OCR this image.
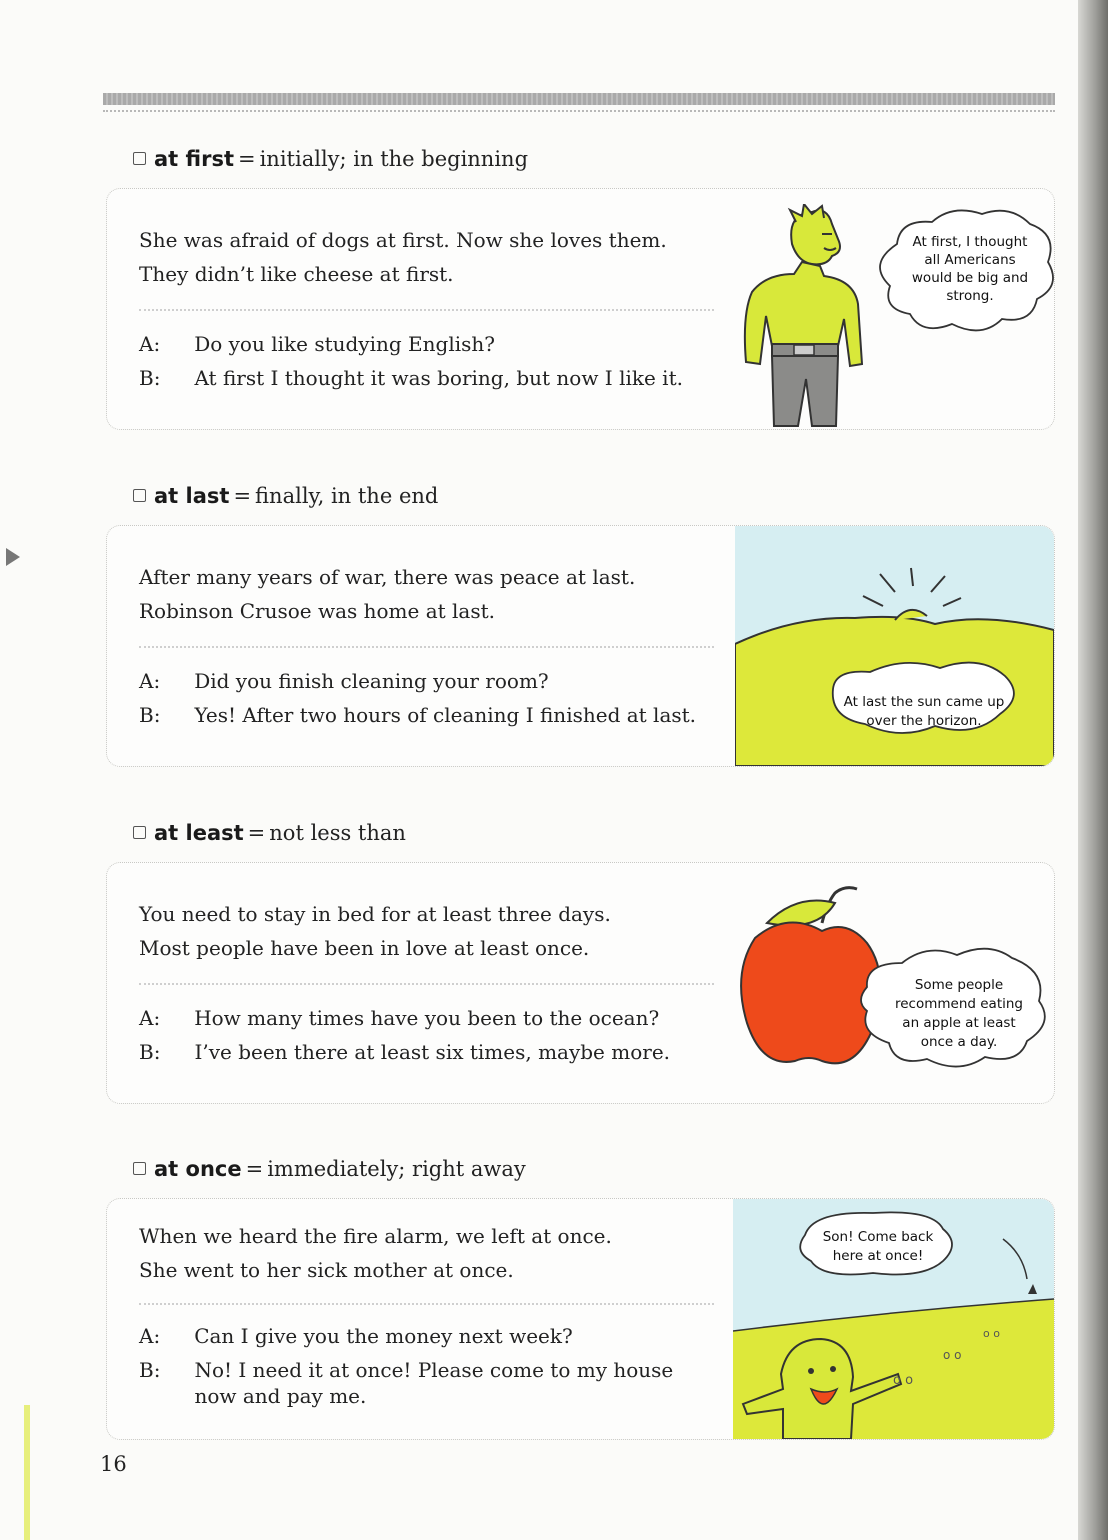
at first = initially; in the beginning
She was afraid of dogs at first. Now she loves them.
They didn’t like cheese at first.
A : Do you like studying English?
B : At first I thought it was boring, but now I like it.
At first, I thought
all Americans
would be big and
strong.
at last = finally, in the end
After many years of war, there was peace at last.
Robinson Crusoe was home at last.
A : Did you finish cleaning your room?
B : Yes! After two hours of cleaning I finished at last.
At last the sun came up
over the horizon.
at least = not less than
You need to stay in bed for at least three days.
Most people have been in love at least once.
A : How many times have you been to the ocean?
B : I’ve been there at least six times, maybe more.
Some people
recommend eating
an apple at least
once a day.
at once = immediately; right away
When we heard the fire alarm, we left at once.
She went to her sick mother at once.
A : Can I give you the money next week?
B : No! I need it at once! Please come to my house now and pay me.
Son! Come back
here at once!
o o
o o
o o
16
